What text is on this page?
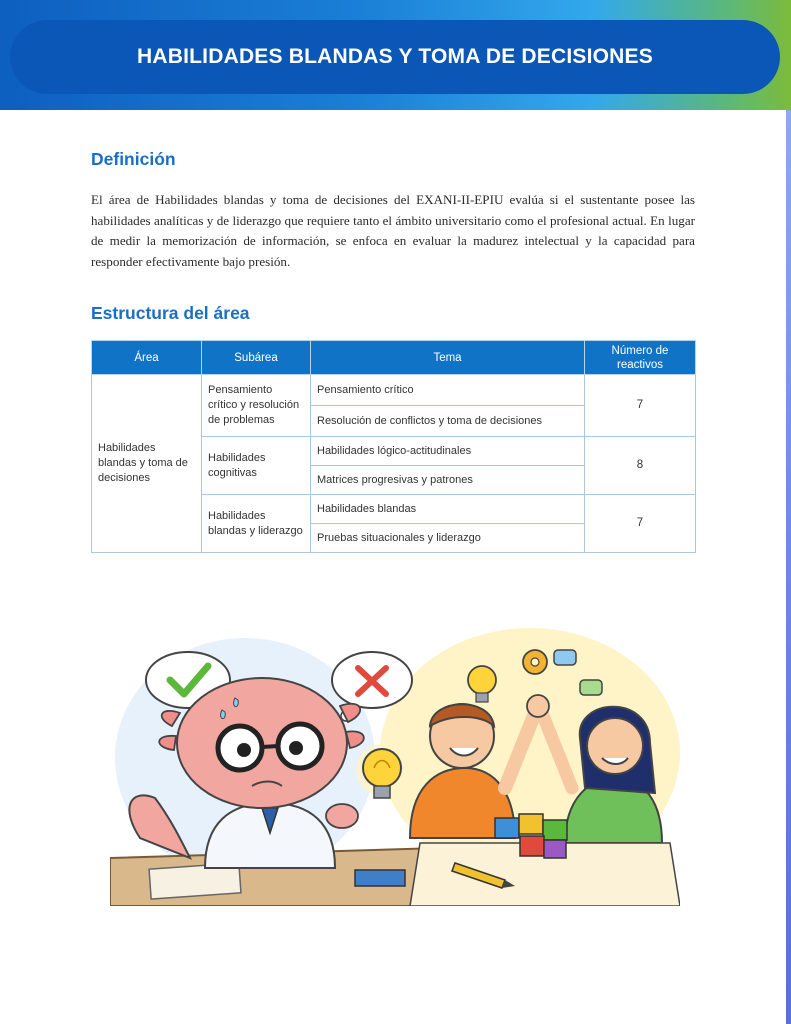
HABILIDADES BLANDAS Y TOMA DE DECISIONES
Definición

El área de Habilidades blandas y toma de decisiones del EXANI-II-EPIU evalúa si el sustentante posee las habilidades analíticas y de liderazgo que requiere tanto el ámbito universitario como el profesional actual. En lugar de medir la memorización de información, se enfoca en evaluar la madurez intelectual y la capacidad para responder efectivamente bajo presión.

Estructura del área
Área	Subárea	Tema	Número de reactivos
Habilidades blandas y toma de decisiones	Pensamiento crítico y resolución de problemas	Pensamiento crítico	7
		Resolución de conflictos y toma de decisiones	
	Habilidades cognitivas	Habilidades lógico-actitudinales	8
		Matrices progresivas y patrones	
	Habilidades blandas y liderazgo	Habilidades blandas	7
		Pruebas situacionales y liderazgo	
